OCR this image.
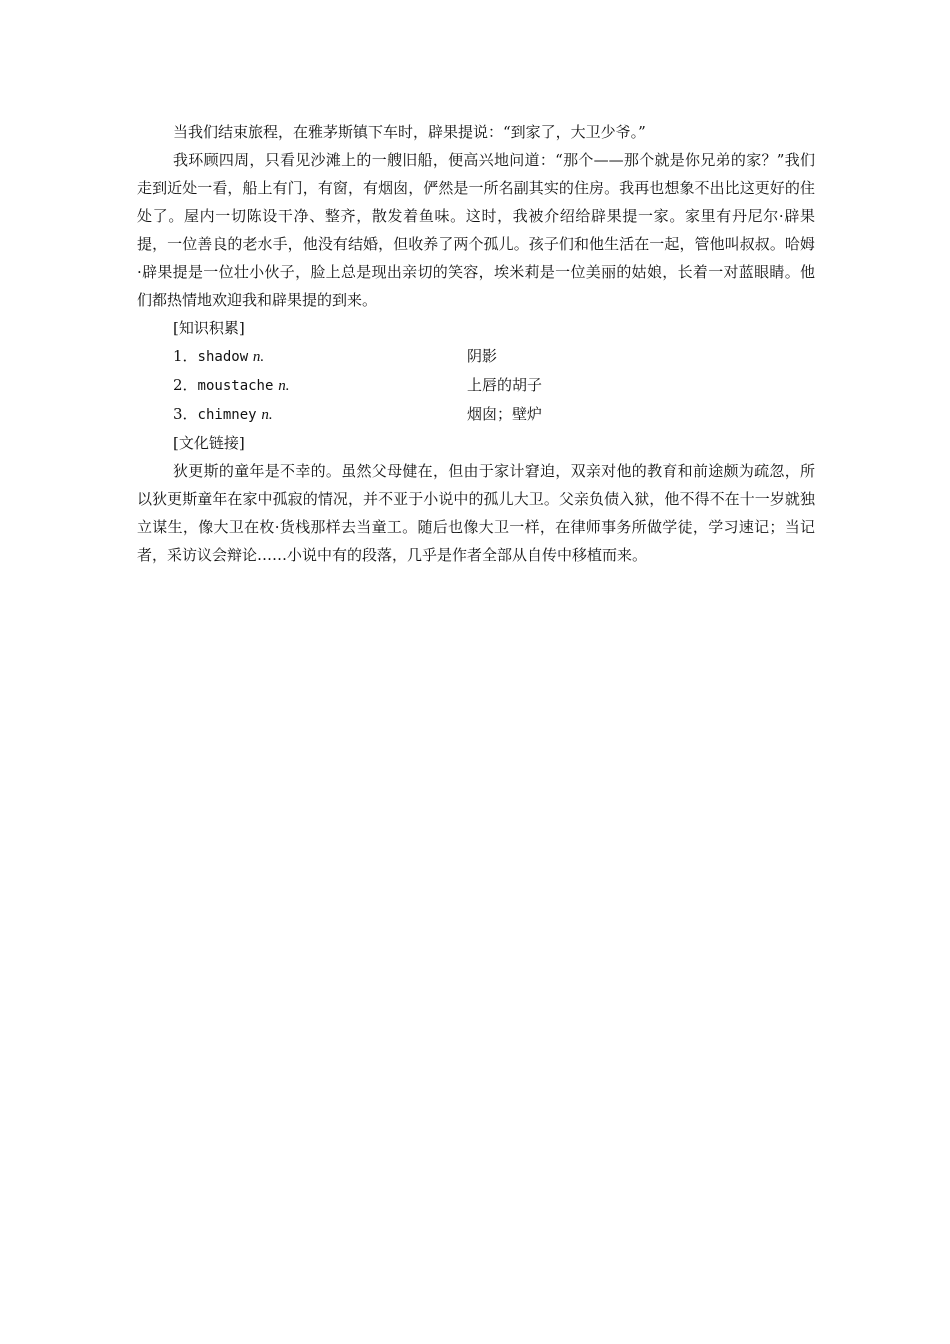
当我们结束旅程，在雅茅斯镇下车时，辟果提说：“到家了，大卫少爷。”

我环顾四周，只看见沙滩上的一艘旧船，便高兴地问道：“那个——那个就是你兄弟的家？”我们走到近处一看，船上有门，有窗，有烟囱，俨然是一所名副其实的住房。我再也想象不出比这更好的住处了。屋内一切陈设干净、整齐，散发着鱼味。这时，我被介绍给辟果提一家。家里有丹尼尔·辟果提，一位善良的老水手，他没有结婚，但收养了两个孤儿。孩子们和他生活在一起，管他叫叔叔。哈姆·辟果提是一位壮小伙子，脸上总是现出亲切的笑容，埃米莉是一位美丽的姑娘，长着一对蓝眼睛。他们都热情地欢迎我和辟果提的到来。

[知识积累]

1．shadow n.	阴影
2．moustache n.	上唇的胡子
3．chimney n.	烟囱；壁炉

[文化链接]

狄更斯的童年是不幸的。虽然父母健在，但由于家计窘迫，双亲对他的教育和前途颇为疏忽，所以狄更斯童年在家中孤寂的情况，并不亚于小说中的孤儿大卫。父亲负债入狱，他不得不在十一岁就独立谋生，像大卫在枚·货栈那样去当童工。随后也像大卫一样，在律师事务所做学徒，学习速记；当记者，采访议会辩论……小说中有的段落，几乎是作者全部从自传中移植而来。
